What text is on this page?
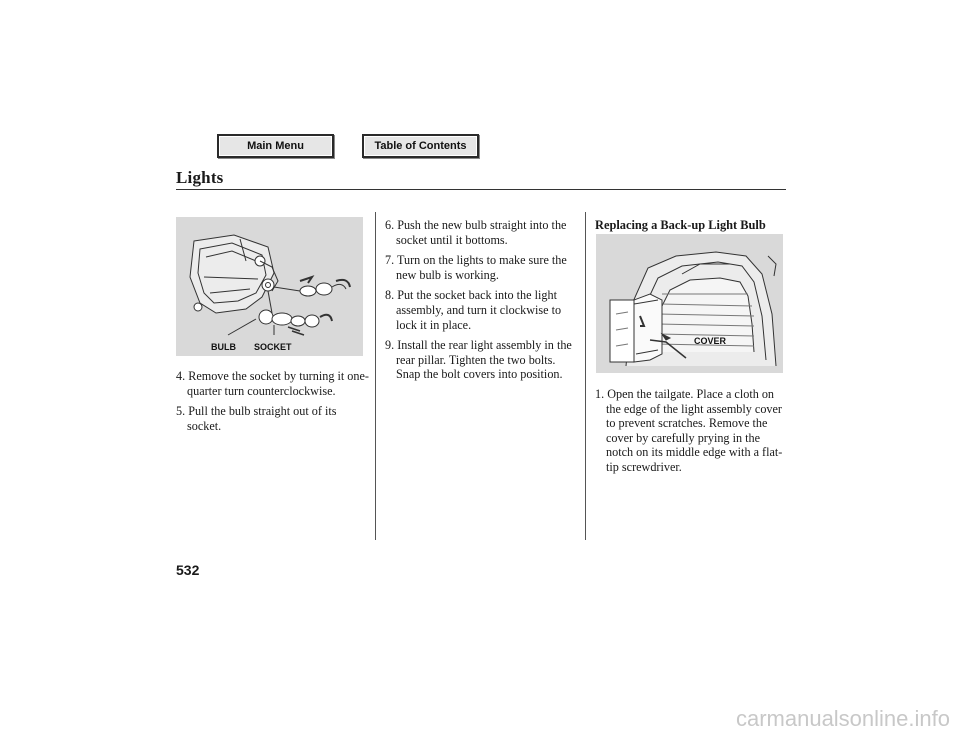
Main Menu	Table of Contents
Lights
BULB SOCKET
4. Remove the socket by turning it one-quarter turn counterclockwise.
5. Pull the bulb straight out of its socket.
6. Push the new bulb straight into the socket until it bottoms.
7. Turn on the lights to make sure the new bulb is working.
8. Put the socket back into the light assembly, and turn it clockwise to lock it in place.
9. Install the rear light assembly in the rear pillar. Tighten the two bolts. Snap the bolt covers into position.
Replacing a Back-up Light Bulb
COVER
1. Open the tailgate. Place a cloth on the edge of the light assembly cover to prevent scratches. Remove the cover by carefully prying in the notch on its middle edge with a flat-tip screwdriver.
532
carmanualsonline.info
